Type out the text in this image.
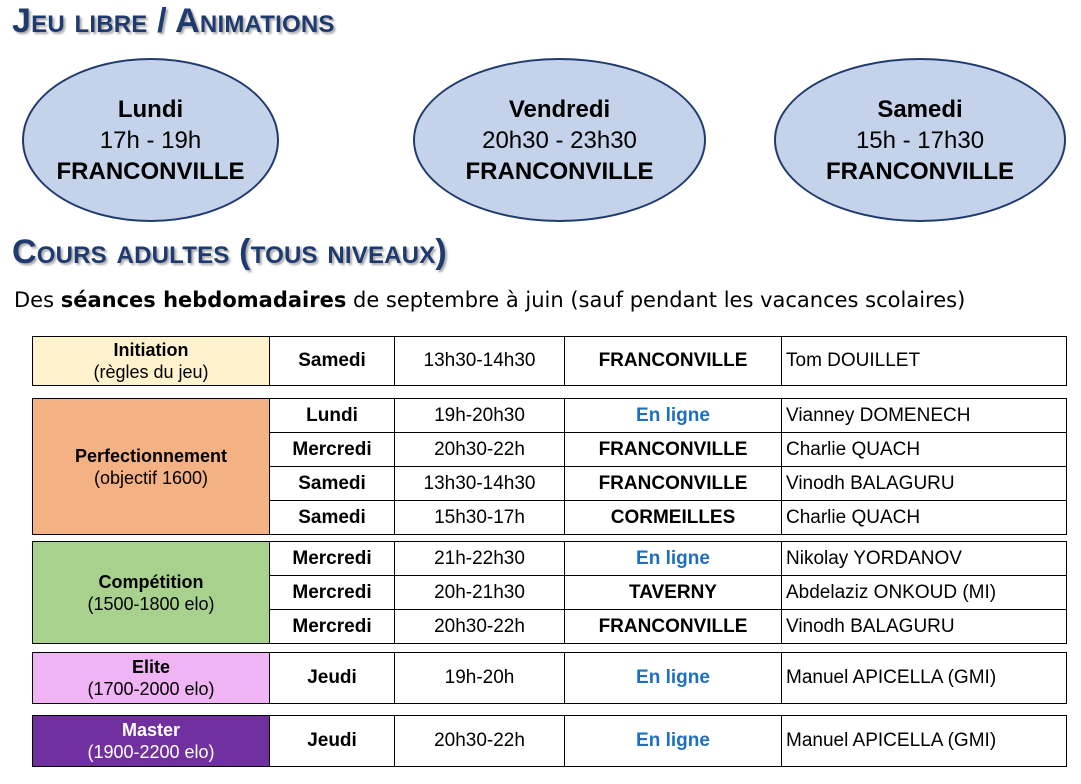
Jeu libre / Animations
Lundi
17h - 19h
FRANCONVILLE
Vendredi
20h30 - 23h30
FRANCONVILLE
Samedi
15h - 17h30
FRANCONVILLE
Cours adultes (tous niveaux)
Des séances hebdomadaires de septembre à juin (sauf pendant les vacances scolaires)
Initiation
(règles du jeu)	Samedi	13h30-14h30	FRANCONVILLE	Tom DOUILLET
Perfectionnement
(objectif 1600)	Lundi	19h-20h30	En ligne	Vianney DOMENECH
	Mercredi	20h30-22h	FRANCONVILLE	Charlie QUACH
	Samedi	13h30-14h30	FRANCONVILLE	Vinodh BALAGURU
	Samedi	15h30-17h	CORMEILLES	Charlie QUACH
Compétition
(1500-1800 elo)	Mercredi	21h-22h30	En ligne	Nikolay YORDANOV
	Mercredi	20h-21h30	TAVERNY	Abdelaziz ONKOUD (MI)
	Mercredi	20h30-22h	FRANCONVILLE	Vinodh BALAGURU
Elite
(1700-2000 elo)	Jeudi	19h-20h	En ligne	Manuel APICELLA (GMI)
Master
(1900-2200 elo)	Jeudi	20h30-22h	En ligne	Manuel APICELLA (GMI)
